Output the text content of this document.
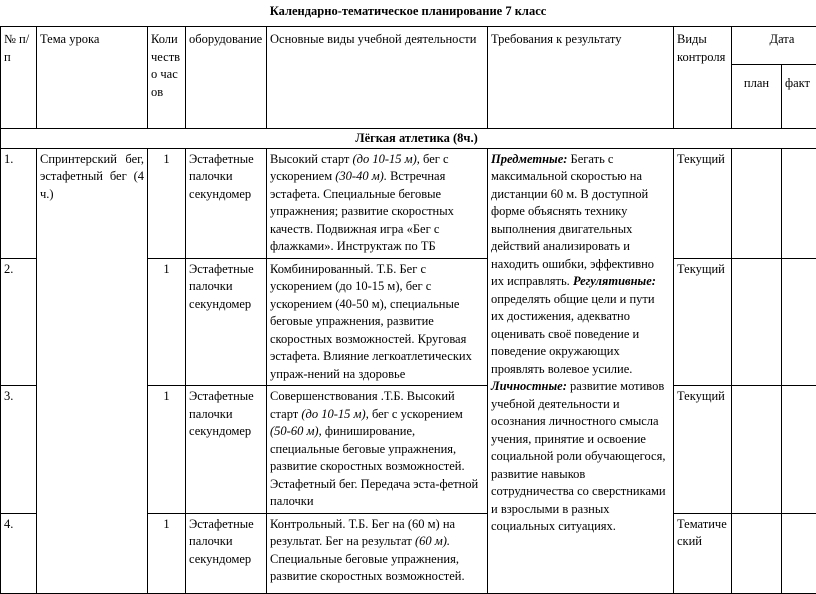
Календарно-тематическое планирование 7 класс
№ п/п	Тема урока	Количество часов	оборудование	Основные виды учебной деятельности	Требования к результату	Виды контроля	Дата	
							план	факт
Лёгкая атлетика (8ч.)								
1.	Спринтерский бег, эстафетный бег (4 ч.)	1	Эстафетные палочки секундомер	Высокий старт (до 10-15 м), бег с ускорением (30-40 м). Встречная эстафета. Специальные беговые упражнения; развитие скоростных качеств. Подвижная игра «Бег с флажками». Инструктаж по ТБ	Предметные: Бегать с максимальной скоростью на дистанции 60 м. В доступной форме объяснять технику выполнения двигательных действий анализировать и находить ошибки, эффективно их исправлять. Регулятивные: определять общие цели и пути их достижения, адекватно оценивать своё поведение и поведение окружающих проявлять волевое усилие. Личностные: развитие мотивов учебной деятельности и осознания личностного смысла учения, принятие и освоение социальной роли обучающегося, развитие навыков сотрудничества со сверстниками и взрослыми в разных социальных ситуациях.	Текущий		
2.		1	Эстафетные палочки секундомер	Комбинированный. Т.Б. Бег с ускорением (до 10-15 м), бег с ускорением (40-50 м), специальные беговые упражнения, развитие скоростных возможностей. Круговая эстафета. Влияние легкоатлетических упраж-нений на здоровье		Текущий		
3.		1	Эстафетные палочки секундомер	Совершенствования .Т.Б. Высокий старт (до 10-15 м), бег с ускорением (50-60 м), финиширование, специальные беговые упражнения, развитие скоростных возможностей. Эстафетный бег. Передача эста-фетной палочки		Текущий		
4.		1	Эстафетные палочки секундомер	Контрольный. Т.Б. Бег на (60 м) на результат. Бег на результат (60 м). Специальные беговые упражнения, развитие скоростных возможностей.		Тематический		
